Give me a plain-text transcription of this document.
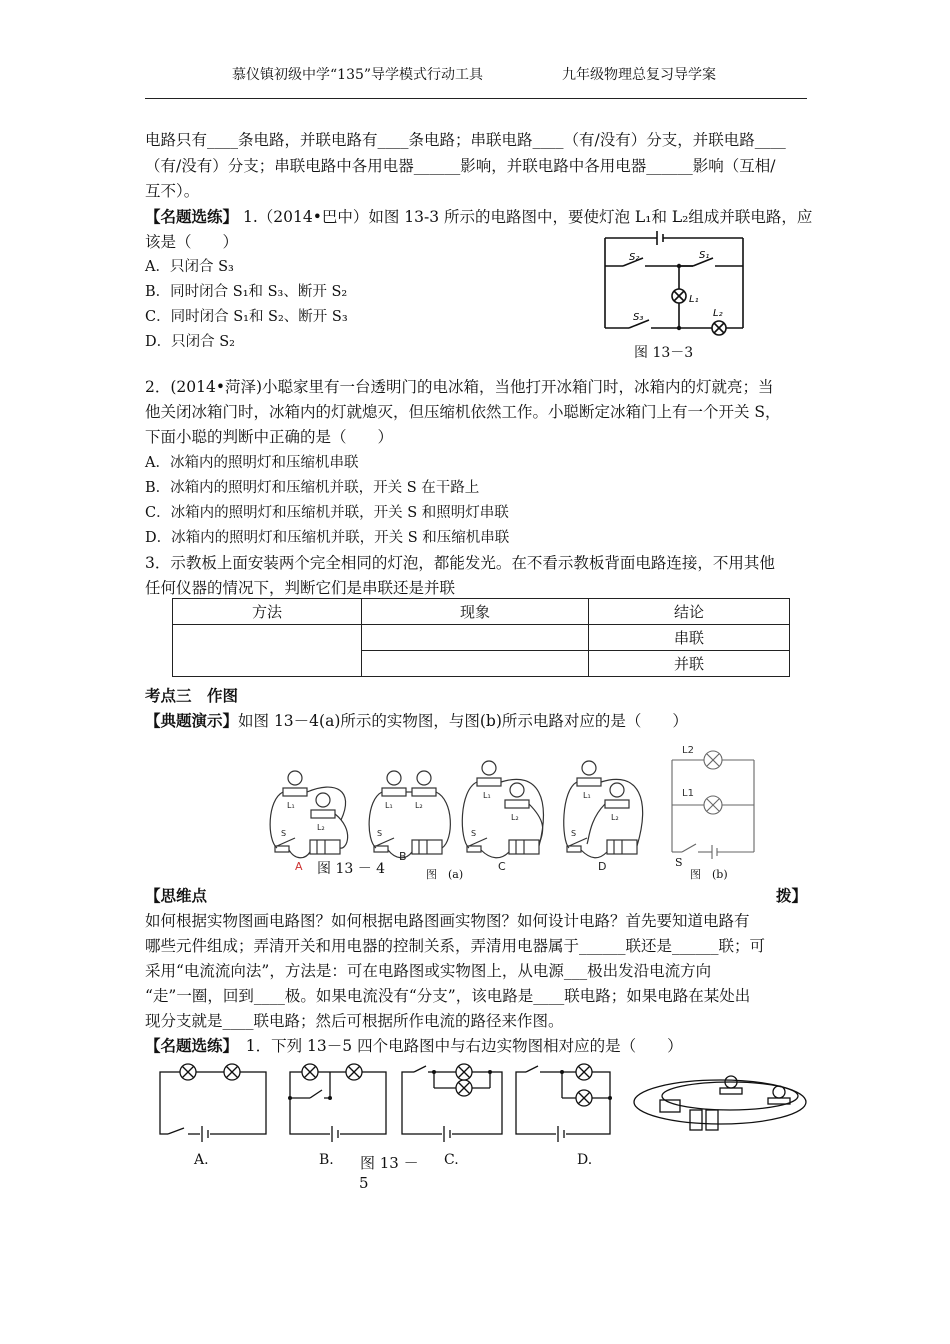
慕仪镇初级中学“135”导学模式行动工具	九年级物理总复习导学案
电路只有____条电路，并联电路有____条电路；串联电路____（有/没有）分支，并联电路____
（有/没有）分支；串联电路中各用电器______影响，并联电路中各用电器______影响（互相/
互不）。
【名题选练】 1.（2014•巴中）如图 13-3 所示的电路图中，要使灯泡 L₁和 L₂组成并联电路，应
该是（　　）
A．只闭合 S₃
B．同时闭合 S₁和 S₃、断开 S₂
C．同时闭合 S₁和 S₂、断开 S₃
D．只闭合 S₂
S₂	S₁
L₁
S₃	L₂
图 13－3
2．(2014•菏泽)小聪家里有一台透明门的电冰箱，当他打开冰箱门时，冰箱内的灯就亮；当
他关闭冰箱门时，冰箱内的灯就熄灭，但压缩机依然工作。小聪断定冰箱门上有一个开关 S，
下面小聪的判断中正确的是（　　）
A．冰箱内的照明灯和压缩机串联
B．冰箱内的照明灯和压缩机并联，开关 S 在干路上
C．冰箱内的照明灯和压缩机并联，开关 S 和照明灯串联
D．冰箱内的照明灯和压缩机并联，开关 S 和压缩机串联
3．示教板上面安装两个完全相同的灯泡，都能发光。在不看示教板背面电路连接，不用其他
任何仪器的情况下，判断它们是串联还是并联
方法	现象	结论
		串联
		并联
考点三　作图
【典题演示】如图 13－4(a)所示的实物图，与图(b)所示电路对应的是（　　）
L₁
L₂
S
L₁	L₂
S
L₁
L₂
S
L₁
L₂
S
A
B
C	D
图 13 － 4	图　(a)
L2
L1
S
图　(b)
【 思 维 点	拨】
如何根据实物图画电路图？如何根据电路图画实物图？如何设计电路？首先要知道电路有
哪些元件组成；弄清开关和用电器的控制关系，弄清用电器属于______联还是______联；可
采用“电流流向法”，方法是：可在电路图或实物图上，从电源___极出发沿电流方向
“走”一圈，回到____极。如果电流没有“分支”，该电路是____联电路；如果电路在某处出
现分支就是____联电路；然后可根据所作电流的路径来作图。
【名题选练】　1．下列 13－5 四个电路图中与右边实物图相对应的是（　　）
A.	B. 图 13 － C.	D.
5
